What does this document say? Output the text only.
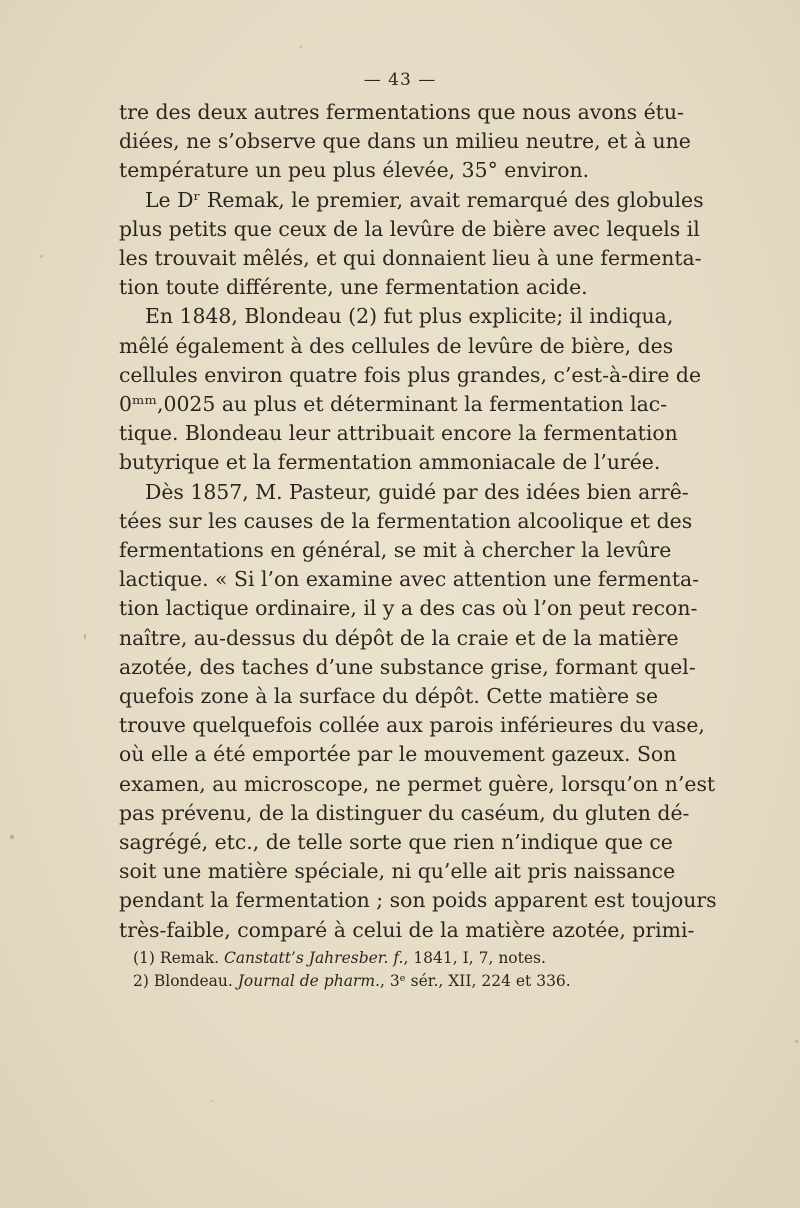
— 43 —
tre des deux autres fermentations que nous avons étu-
diées, ne s’observe que dans un milieu neutre, et à une
température un peu plus élevée, 35° environ.
Le Dʳ Remak, le premier, avait remarqué des globules
plus petits que ceux de la levûre de bière avec lequels il
les trouvait mêlés, et qui donnaient lieu à une fermenta-
tion toute différente, une fermentation acide.
En 1848, Blondeau (2) fut plus explicite; il indiqua,
mêlé également à des cellules de levûre de bière, des
cellules environ quatre fois plus grandes, c’est-à-dire de
0ᵐᵐ,0025 au plus et déterminant la fermentation lac-
tique. Blondeau leur attribuait encore la fermentation
butyrique et la fermentation ammoniacale de l’urée.
Dès 1857, M. Pasteur, guidé par des idées bien arrê-
tées sur les causes de la fermentation alcoolique et des
fermentations en général, se mit à chercher la levûre
lactique. « Si l’on examine avec attention une fermenta-
tion lactique ordinaire, il y a des cas où l’on peut recon-
naître, au-dessus du dépôt de la craie et de la matière
azotée, des taches d’une substance grise, formant quel-
quefois zone à la surface du dépôt. Cette matière se
trouve quelquefois collée aux parois inférieures du vase,
où elle a été emportée par le mouvement gazeux. Son
examen, au microscope, ne permet guère, lorsqu’on n’est
pas prévenu, de la distinguer du caséum, du gluten dé-
sagrégé, etc., de telle sorte que rien n’indique que ce
soit une matière spéciale, ni qu’elle ait pris naissance
pendant la fermentation ; son poids apparent est toujours
très-faible, comparé à celui de la matière azotée, primi-
(1) Remak. Canstatt’s Jahresber. f., 1841, I, 7, notes.
2) Blondeau. Journal de pharm., 3ᵉ sér., XII, 224 et 336.
